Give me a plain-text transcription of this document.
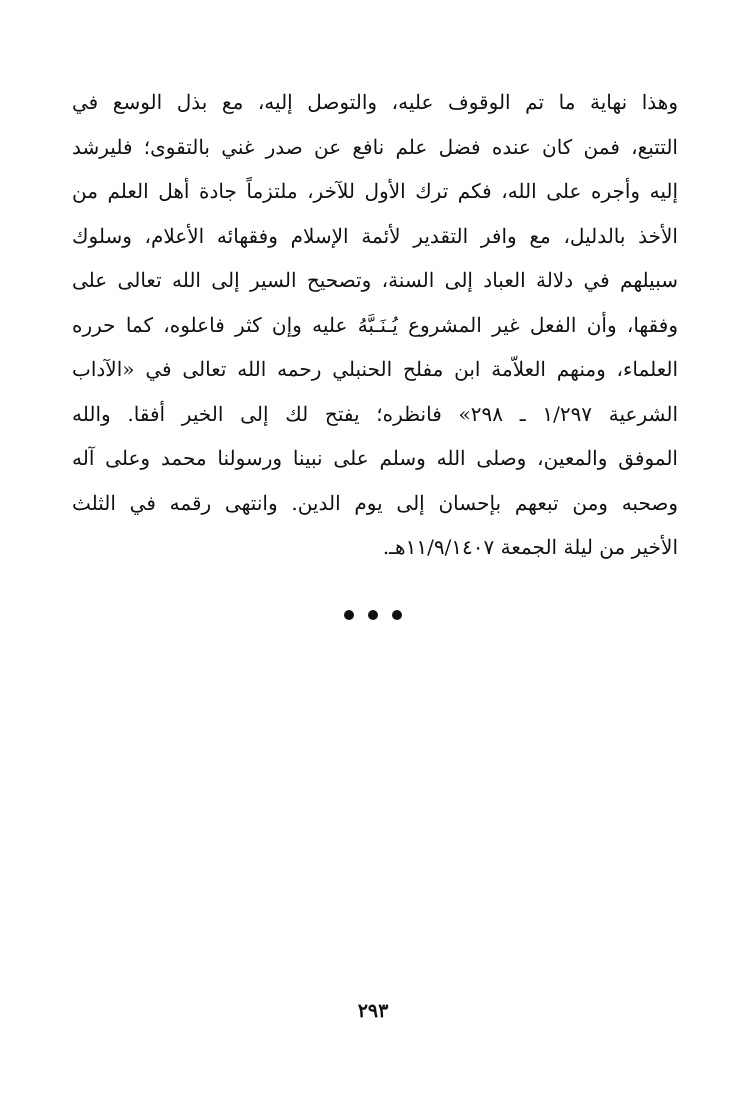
وهذا نهاية ما تم الوقوف عليه، والتوصل إليه، مع بذل الوسع في
التتبع، فمن كان عنده فضل علم نافع عن صدر غني بالتقوى؛ فليرشد
إليه وأجره على الله، فكم ترك الأول للآخر، ملتزماً جادة أهل العلم من
الأخذ بالدليل، مع وافر التقدير لأئمة الإسلام وفقهائه الأعلام، وسلوك
سبيلهم في دلالة العباد إلى السنة، وتصحيح السير إلى الله تعالى على
وفقها، وأن الفعل غير المشروع يُـنَـبَّهُ عليه وإن كثر فاعلوه، كما حرره
العلماء، ومنهم العلاّمة ابن مفلح الحنبلي رحمه الله تعالى في «الآداب
الشرعية ١/٢٩٧ ـ ٢٩٨» فانظره؛ يفتح لك إلى الخير أفقا. والله
الموفق والمعين، وصلى الله وسلم على نبينا ورسولنا محمد وعلى آله
وصحبه ومن تبعهم بإحسان إلى يوم الدين. وانتهى رقمه في الثلث
الأخير من ليلة الجمعة ١١/٩/١٤٠٧هـ.
٢٩٣
